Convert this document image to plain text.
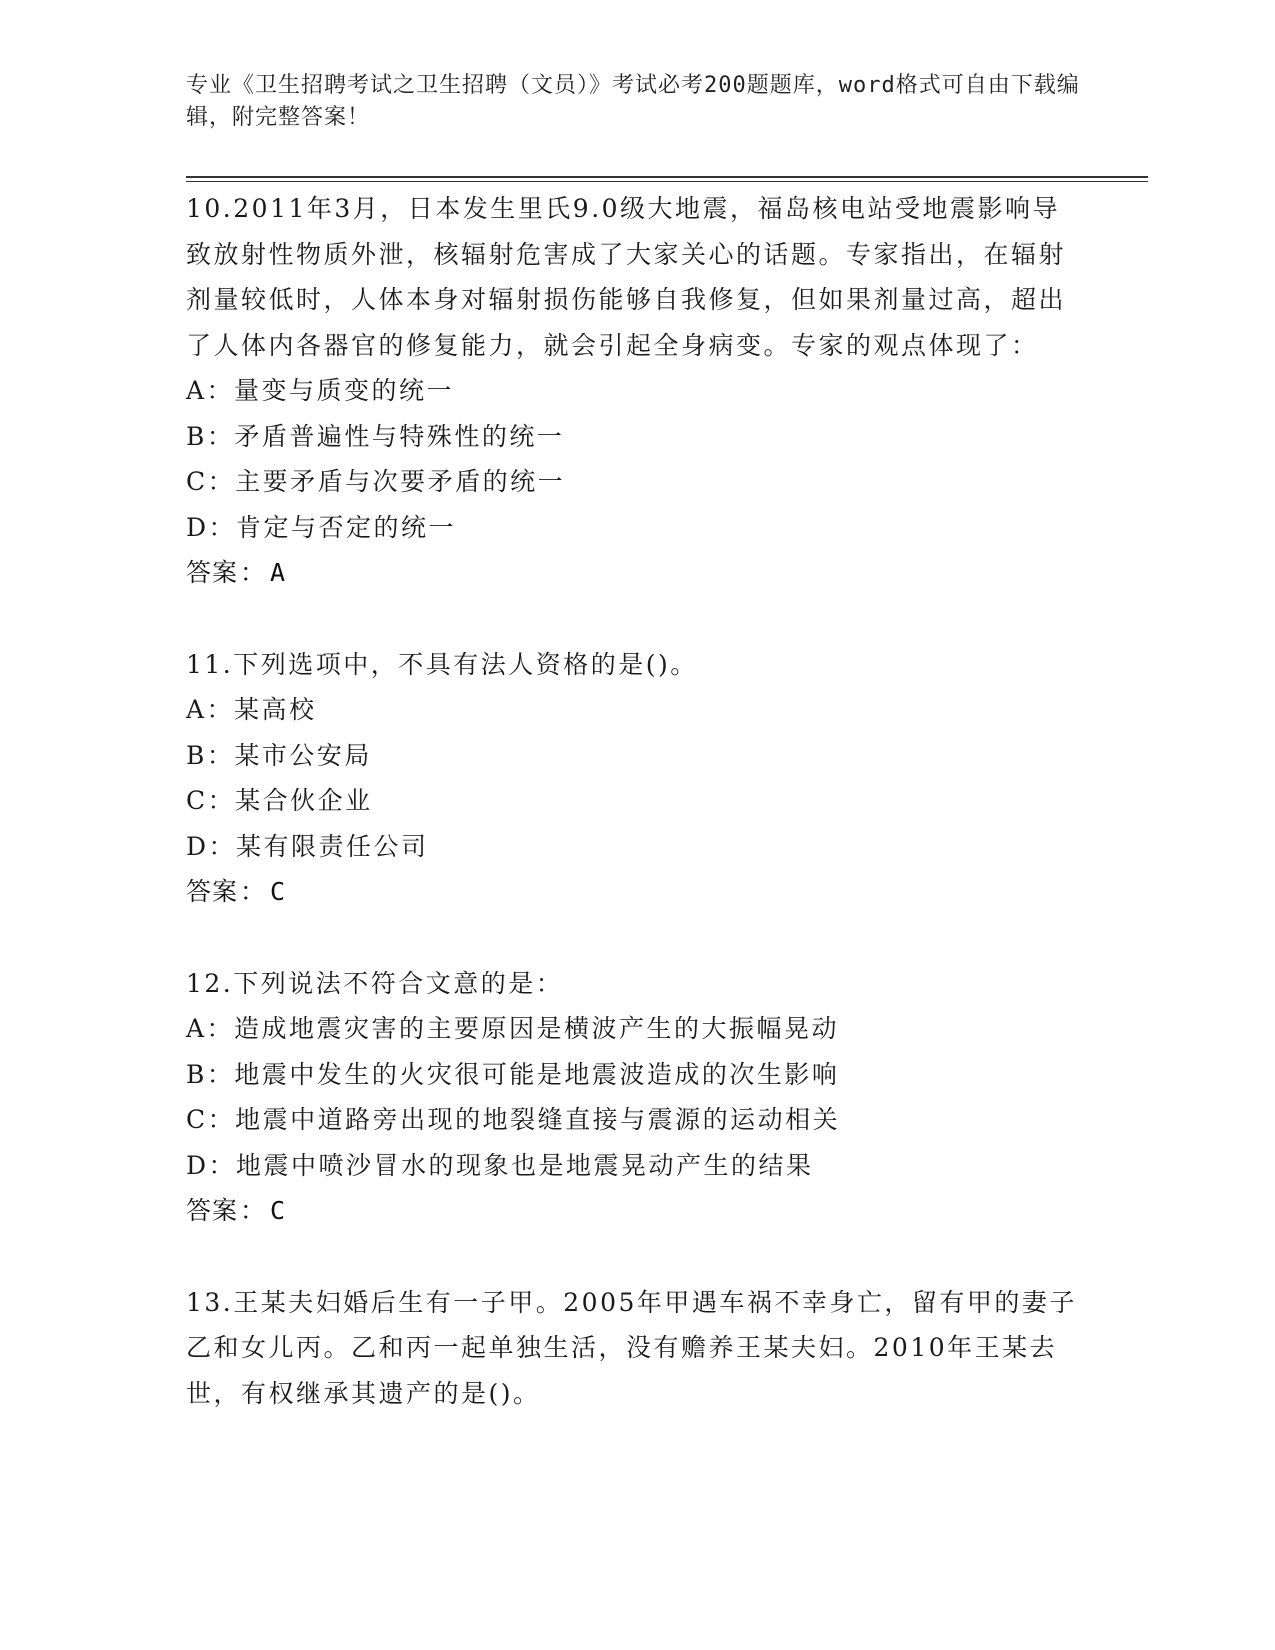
专业《卫生招聘考试之卫生招聘（文员）》考试必考200题题库，word格式可自由下载编辑，附完整答案！
10.2011年3月，日本发生里氏9.0级大地震，福岛核电站受地震影响导致放射性物质外泄，核辐射危害成了大家关心的话题。专家指出，在辐射剂量较低时，人体本身对辐射损伤能够自我修复，但如果剂量过高，超出了人体内各器官的修复能力，就会引起全身病变。专家的观点体现了：
A：量变与质变的统一
B：矛盾普遍性与特殊性的统一
C：主要矛盾与次要矛盾的统一
D：肯定与否定的统一
答案： A
11.下列选项中，不具有法人资格的是()。
A：某高校
B：某市公安局
C：某合伙企业
D：某有限责任公司
答案： C
12.下列说法不符合文意的是：
A：造成地震灾害的主要原因是横波产生的大振幅晃动
B：地震中发生的火灾很可能是地震波造成的次生影响
C：地震中道路旁出现的地裂缝直接与震源的运动相关
D：地震中喷沙冒水的现象也是地震晃动产生的结果
答案： C
13.王某夫妇婚后生有一子甲。2005年甲遇车祸不幸身亡，留有甲的妻子乙和女儿丙。乙和丙一起单独生活，没有赡养王某夫妇。2010年王某去世，有权继承其遗产的是()。
